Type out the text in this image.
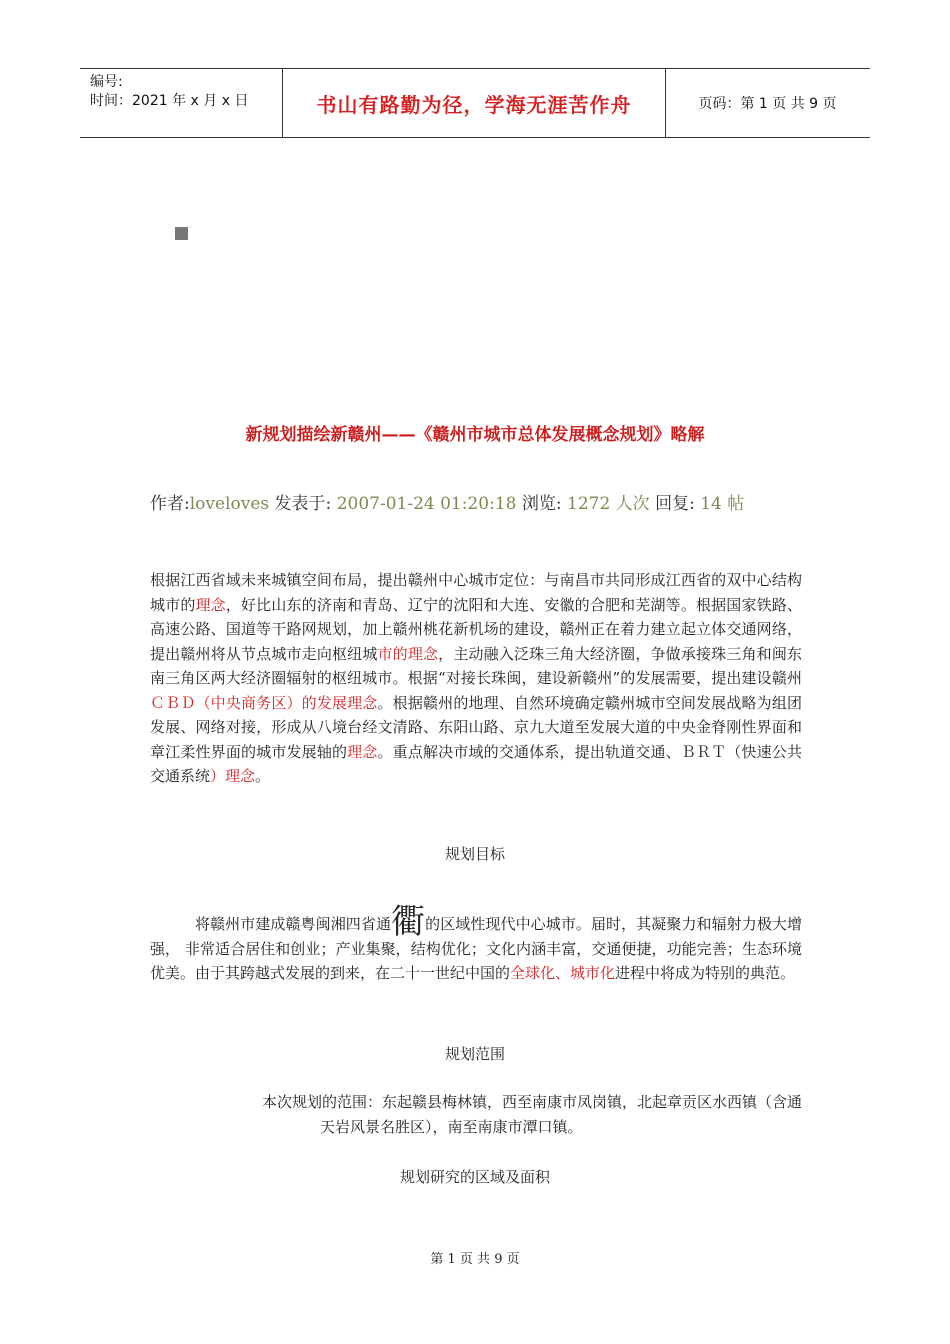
编号:
时间：2021 年 x 月 x 日	书山有路勤为径，学海无涯苦作舟	页码：第 1 页 共 9 页
新规划描绘新赣州——《赣州市城市总体发展概念规划》略解
作者:loveloves 发表于: 2007-01-24 01:20:18 浏览: 1272 人次 回复: 14 帖
根据江西省域未来城镇空间布局，提出赣州中心城市定位：与南昌市共同形成江西省的双中心结构城市的理念，好比山东的济南和青岛、辽宁的沈阳和大连、安徽的合肥和芜湖等。根据国家铁路、高速公路、国道等干路网规划，加上赣州桃花新机场的建设，赣州正在着力建立起立体交通网络，提出赣州将从节点城市走向枢纽城市的理念，主动融入泛珠三角大经济圈，争做承接珠三角和闽东南三角区两大经济圈辐射的枢纽城市。根据“对接长珠闽，建设新赣州”的发展需要，提出建设赣州ＣＢＤ（中央商务区）的发展理念。根据赣州的地理、自然环境确定赣州城市空间发展战略为组团发展、网络对接，形成从八境台经文清路、东阳山路、京九大道至发展大道的中央金脊刚性界面和章江柔性界面的城市发展轴的理念。重点解决市域的交通体系，提出轨道交通、ＢＲＴ（快速公共交通系统）理念。
规划目标
将赣州市建成赣粤闽湘四省通衢的区域性现代中心城市。届时，其凝聚力和辐射力极大增强， 非常适合居住和创业；产业集聚，结构优化；文化内涵丰富，交通便捷，功能完善；生态环境优美。由于其跨越式发展的到来，在二十一世纪中国的全球化、城市化进程中将成为特别的典范。
规划范围
本次规划的范围：东起赣县梅林镇，西至南康市凤岗镇，北起章贡区水西镇（含通
天岩风景名胜区），南至南康市潭口镇。
规划研究的区域及面积
第 1 页 共 9 页
